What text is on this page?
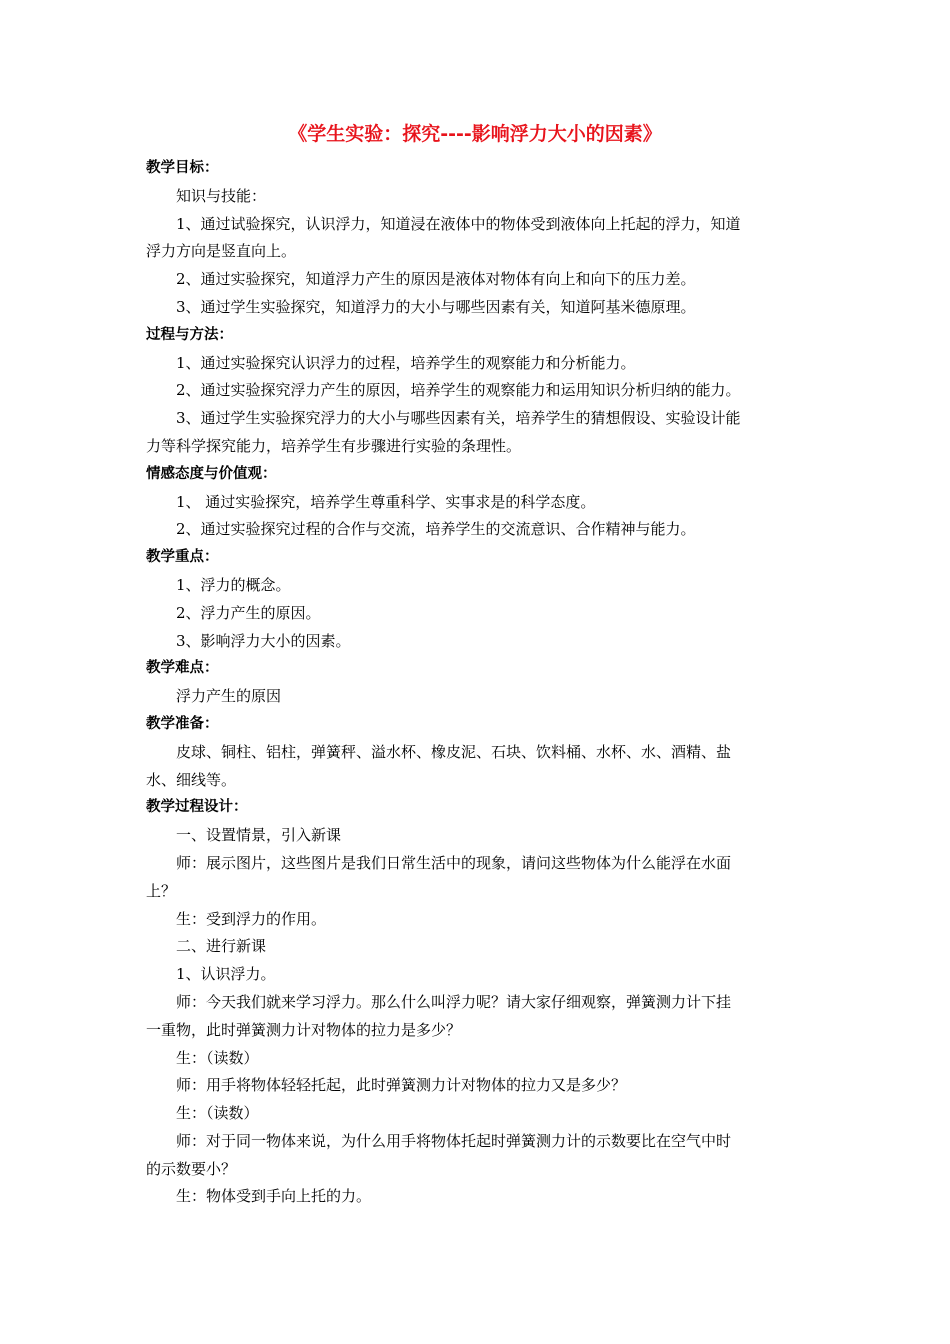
《学生实验：探究----影响浮力大小的因素》

教学目标：

知识与技能：

1、通过试验探究，认识浮力，知道浸在液体中的物体受到液体向上托起的浮力，知道

浮力方向是竖直向上。

2、通过实验探究，知道浮力产生的原因是液体对物体有向上和向下的压力差。

3、通过学生实验探究，知道浮力的大小与哪些因素有关，知道阿基米德原理。

过程与方法：

1、通过实验探究认识浮力的过程，培养学生的观察能力和分析能力。

2、通过实验探究浮力产生的原因，培养学生的观察能力和运用知识分析归纳的能力。

3、通过学生实验探究浮力的大小与哪些因素有关，培养学生的猜想假设、实验设计能

力等科学探究能力，培养学生有步骤进行实验的条理性。

情感态度与价值观：

1、 通过实验探究，培养学生尊重科学、实事求是的科学态度。

2、通过实验探究过程的合作与交流，培养学生的交流意识、合作精神与能力。

教学重点：

1、浮力的概念。

2、浮力产生的原因。

3、影响浮力大小的因素。

教学难点：

浮力产生的原因

教学准备：

皮球、铜柱、铝柱，弹簧秤、溢水杯、橡皮泥、石块、饮料桶、水杯、水、酒精、盐

水、细线等。

教学过程设计：

一、设置情景，引入新课

师：展示图片，这些图片是我们日常生活中的现象，请问这些物体为什么能浮在水面

上？

生：受到浮力的作用。

二、进行新课

1、认识浮力。

师：今天我们就来学习浮力。那么什么叫浮力呢？请大家仔细观察，弹簧测力计下挂

一重物，此时弹簧测力计对物体的拉力是多少？

生：（读数）

师：用手将物体轻轻托起，此时弹簧测力计对物体的拉力又是多少？

生：（读数）

师：对于同一物体来说，为什么用手将物体托起时弹簧测力计的示数要比在空气中时

的示数要小？

生：物体受到手向上托的力。
